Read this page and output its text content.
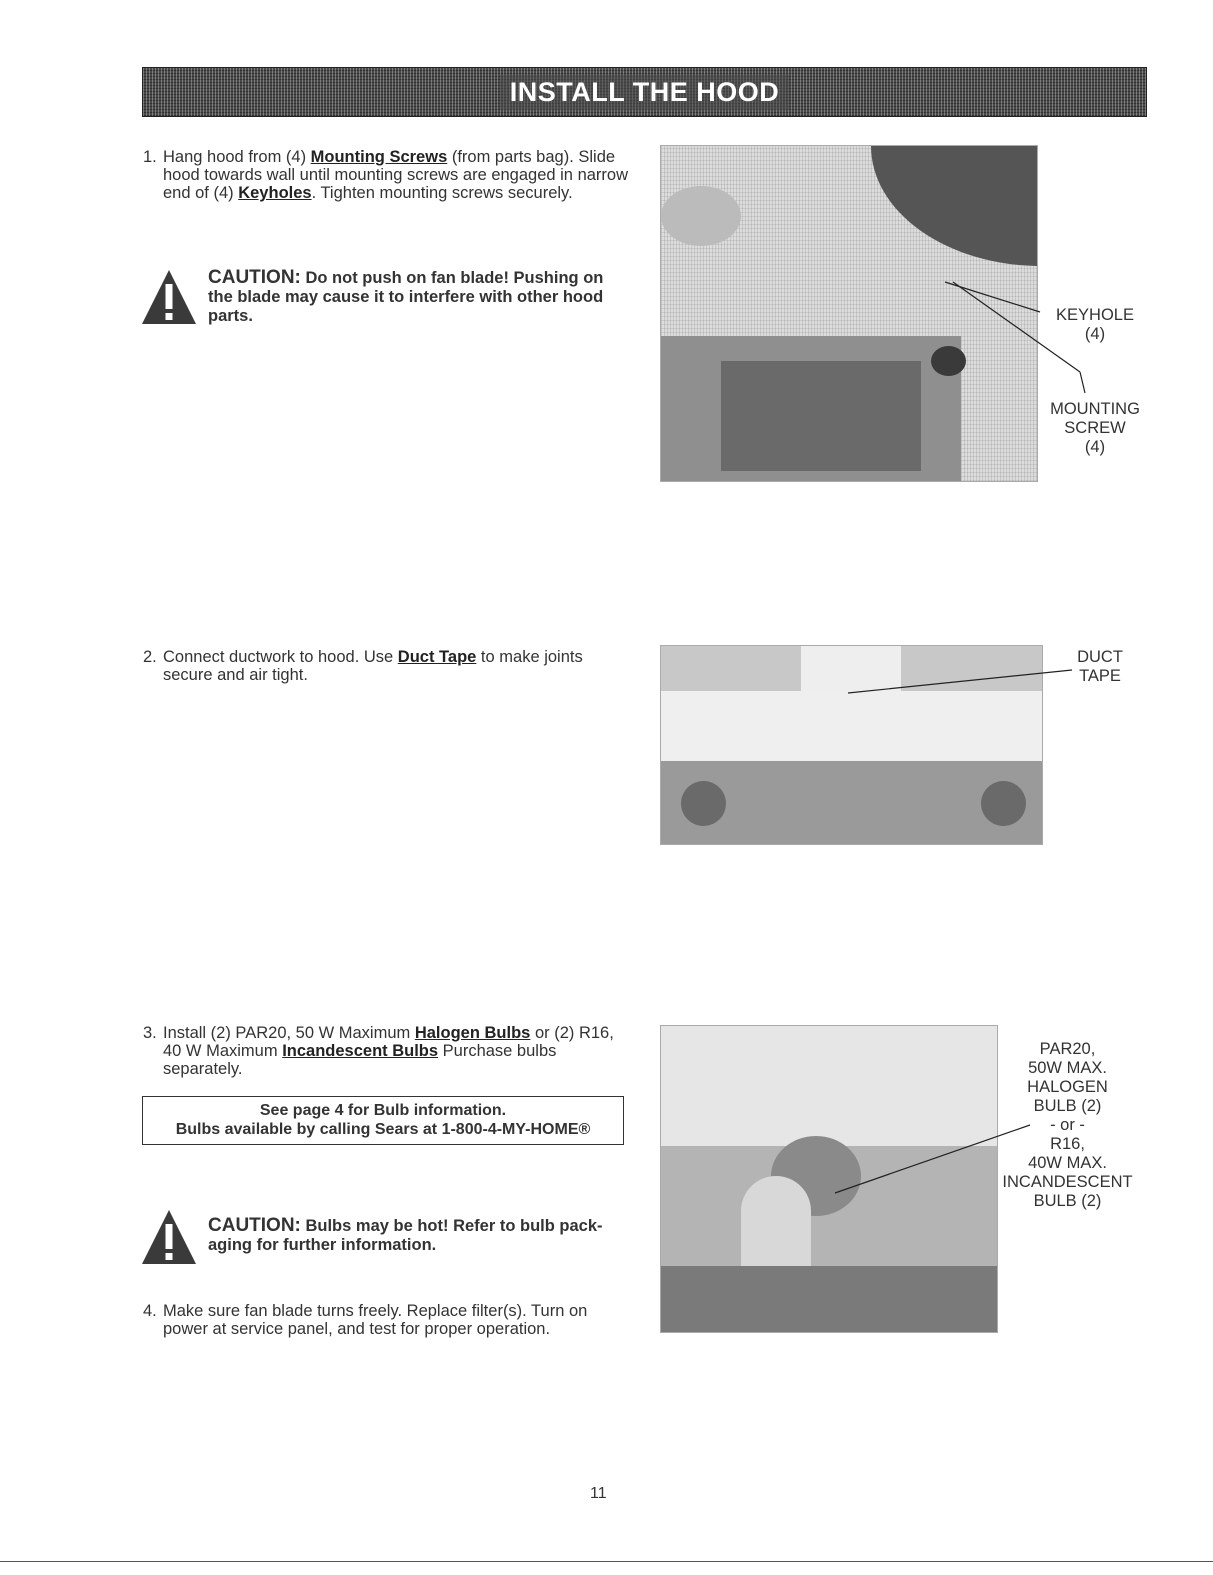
INSTALL THE HOOD
1. Hang hood from (4) Mounting Screws (from parts bag). Slide hood towards wall until mounting screws are engaged in narrow end of (4) Keyholes. Tighten mounting screws securely.
CAUTION: Do not push on fan blade! Pushing on the blade may cause it to interfere with other hood parts.	KEYHOLE
(4)
MOUNTING
SCREW
(4)
2. Connect ductwork to hood. Use Duct Tape to make joints secure and air tight.
DUCT
TAPE
3. Install (2) PAR20, 50 W Maximum Halogen Bulbs or (2) R16, 40 W Maximum Incandescent Bulbs Purchase bulbs separately.
See page 4 for Bulb information.
Bulbs available by calling Sears at 1-800-4-MY-HOME®
CAUTION: Bulbs may be hot! Refer to bulb pack-aging for further information.
4. Make sure fan blade turns freely. Replace filter(s). Turn on power at service panel, and test for proper operation.
PAR20,
50W MAX.
HALOGEN
BULB (2)
- or -
R16,
40W MAX.
INCANDESCENT
BULB (2)
11
